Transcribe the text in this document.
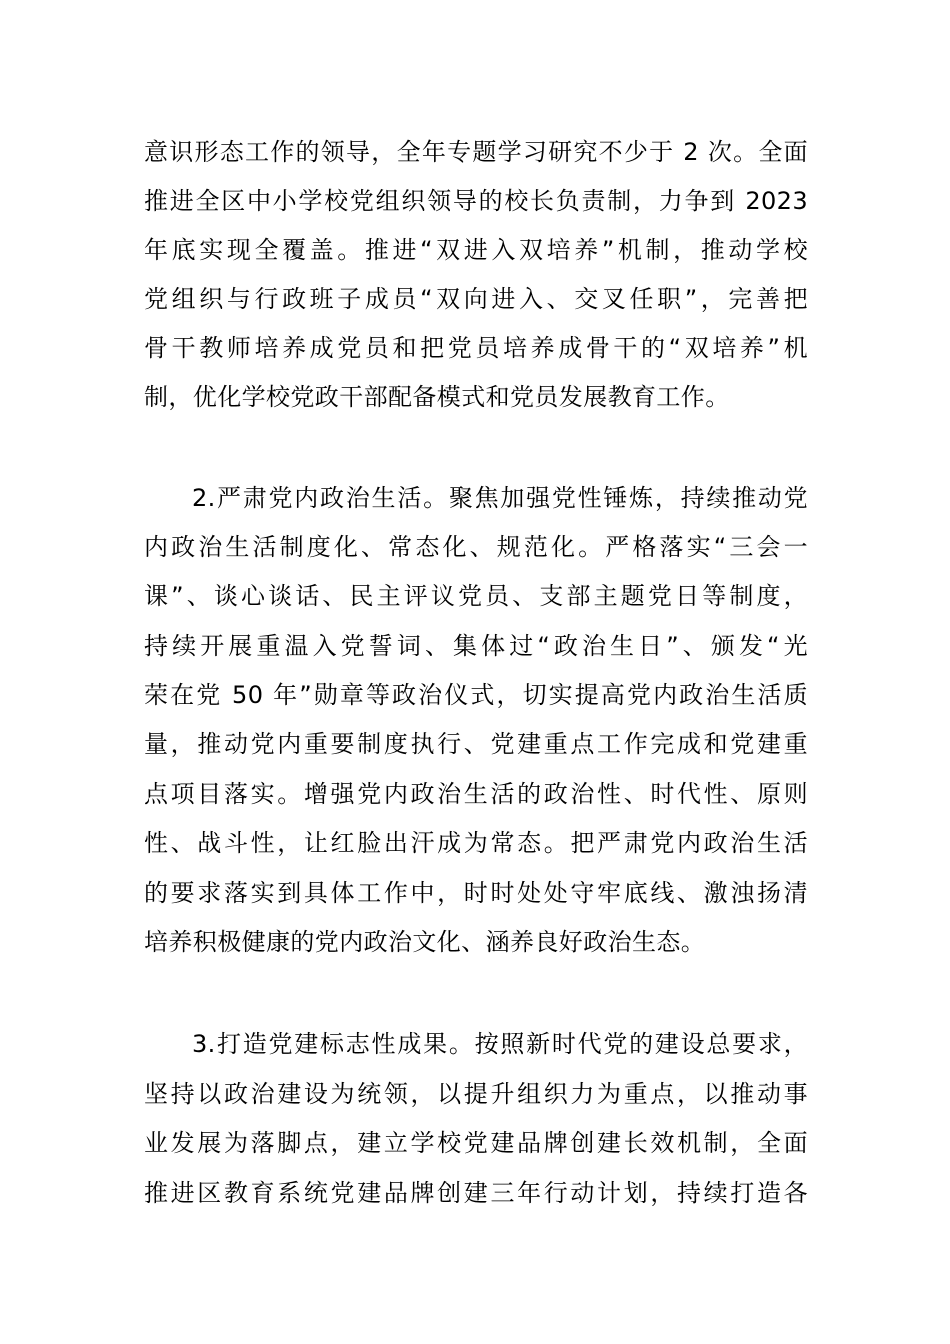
意识形态工作的领导，全年专题学习研究不少于 2 次。全面
推进全区中小学校党组织领导的校长负责制，力争到 2023
年底实现全覆盖。推进“双进入双培养”机制，推动学校
党组织与行政班子成员“双向进入、交叉任职”，完善把
骨干教师培养成党员和把党员培养成骨干的“双培养”机
制，优化学校党政干部配备模式和党员发展教育工作。
2.严肃党内政治生活。聚焦加强党性锤炼，持续推动党
内政治生活制度化、常态化、规范化。严格落实“三会一
课”、谈心谈话、民主评议党员、支部主题党日等制度，
持续开展重温入党誓词、集体过“政治生日”、颁发“光
荣在党 50 年”勋章等政治仪式，切实提高党内政治生活质
量，推动党内重要制度执行、党建重点工作完成和党建重
点项目落实。增强党内政治生活的政治性、时代性、原则
性、战斗性，让红脸出汗成为常态。把严肃党内政治生活
的要求落实到具体工作中，时时处处守牢底线、激浊扬清
培养积极健康的党内政治文化、涵养良好政治生态。
3.打造党建标志性成果。按照新时代党的建设总要求，
坚持以政治建设为统领，以提升组织力为重点，以推动事
业发展为落脚点，建立学校党建品牌创建长效机制，全面
推进区教育系统党建品牌创建三年行动计划，持续打造各
